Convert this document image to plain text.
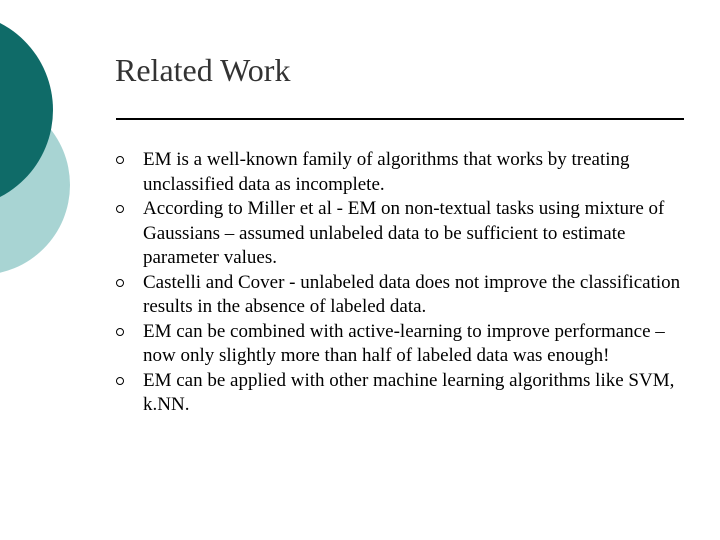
Related Work
EM is a well-known family of algorithms that works by treating unclassified data as incomplete.
According to Miller et al - EM on non-textual tasks using mixture of Gaussians – assumed unlabeled data to be sufficient to estimate parameter values.
Castelli and Cover - unlabeled data does not improve the classification results in the absence of labeled data.
EM can be combined with active-learning to improve performance – now only slightly more than half of labeled data was enough!
EM can be applied with other machine learning algorithms like SVM, k.NN.
